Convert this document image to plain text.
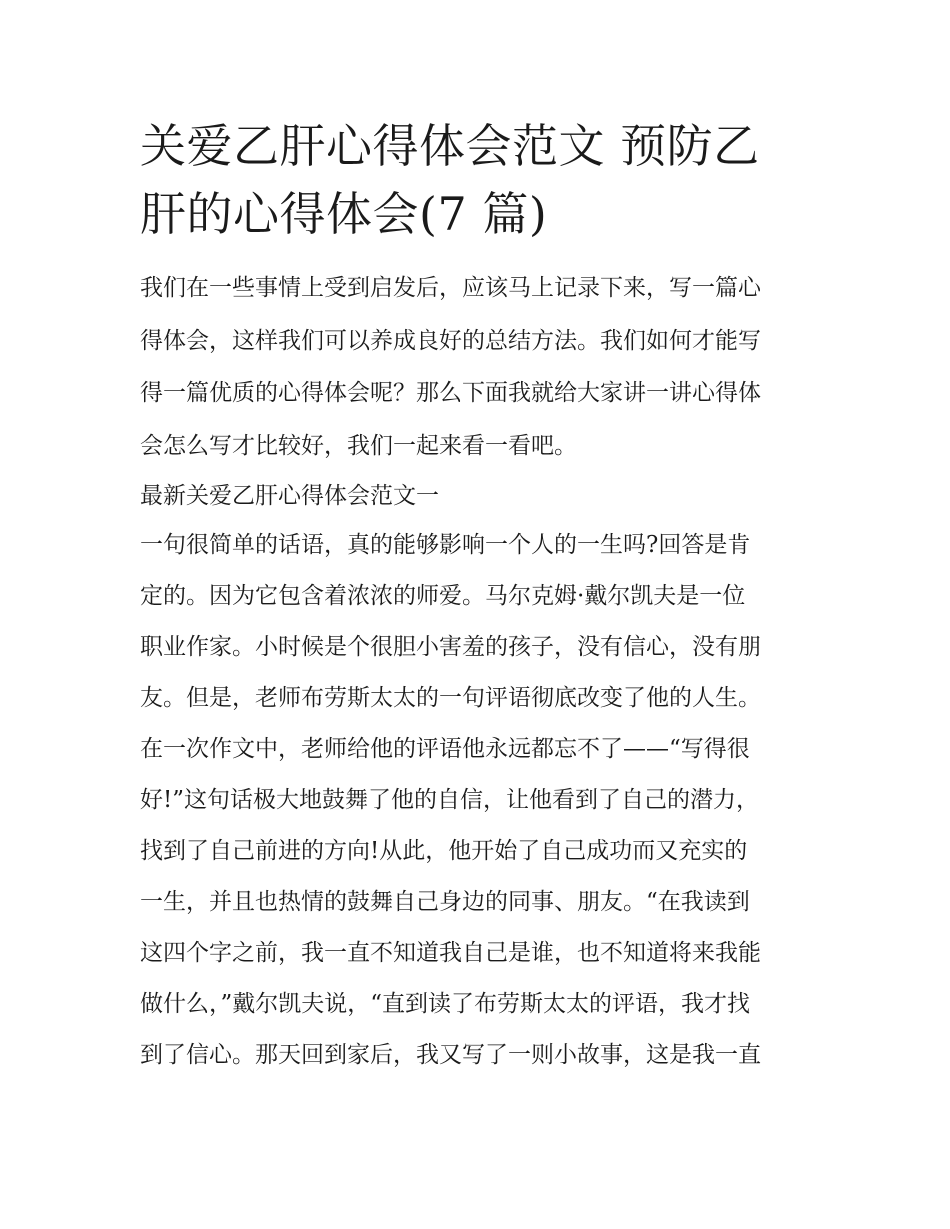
关爱乙肝心得体会范文 预防乙
肝的心得体会(7 篇)

我们在一些事情上受到启发后，应该马上记录下来，写一篇心
得体会，这样我们可以养成良好的总结方法。我们如何才能写
得一篇优质的心得体会呢？那么下面我就给大家讲一讲心得体
会怎么写才比较好，我们一起来看一看吧。

最新关爱乙肝心得体会范文一

一句很简单的话语，真的能够影响一个人的一生吗?回答是肯
定的。因为它包含着浓浓的师爱。马尔克姆·戴尔凯夫是一位
职业作家。小时候是个很胆小害羞的孩子，没有信心，没有朋
友。但是，老师布劳斯太太的一句评语彻底改变了他的人生。
在一次作文中，老师给他的评语他永远都忘不了——“写得很
好!”这句话极大地鼓舞了他的自信，让他看到了自己的潜力，
找到了自己前进的方向!从此，他开始了自己成功而又充实的
一生，并且也热情的鼓舞自己身边的同事、朋友。“在我读到
这四个字之前，我一直不知道我自己是谁，也不知道将来我能
做什么，”戴尔凯夫说，“直到读了布劳斯太太的评语，我才找
到了信心。那天回到家后，我又写了一则小故事，这是我一直
